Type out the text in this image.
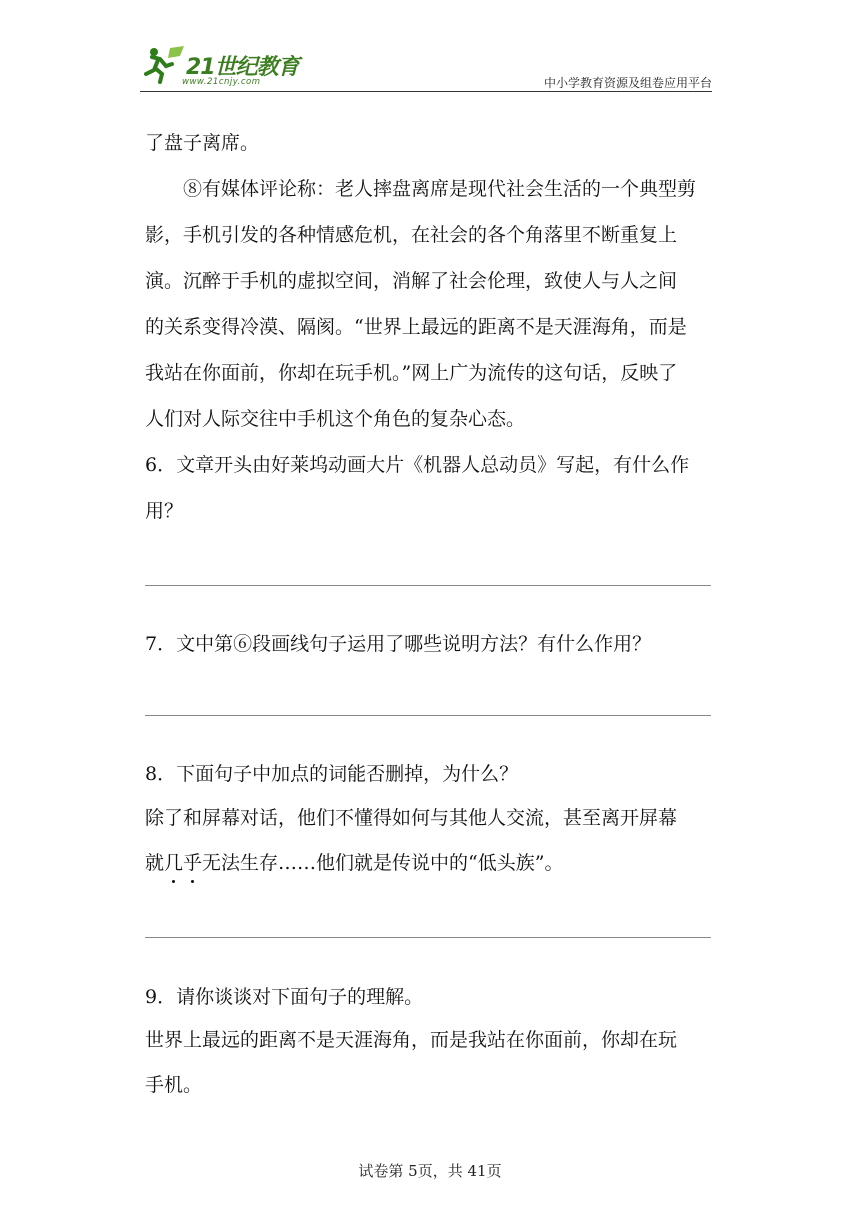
21世纪教育
www.21cnjy.com	中小学教育资源及组卷应用平台
了盘子离席。
⑧有媒体评论称：老人摔盘离席是现代社会生活的一个典型剪
影，手机引发的各种情感危机，在社会的各个角落里不断重复上
演。沉醉于手机的虚拟空间，消解了社会伦理，致使人与人之间
的关系变得冷漠、隔阂。“世界上最远的距离不是天涯海角，而是
我站在你面前，你却在玩手机。”网上广为流传的这句话，反映了
人们对人际交往中手机这个角色的复杂心态。
6．文章开头由好莱坞动画大片《机器人总动员》写起，有什么作
用？
7．文中第⑥段画线句子运用了哪些说明方法？有什么作用？
8．下面句子中加点的词能否删掉，为什么？
除了和屏幕对话，他们不懂得如何与其他人交流，甚至离开屏幕
就几乎无法生存……他们就是传说中的“低头族”。
9．请你谈谈对下面句子的理解。
世界上最远的距离不是天涯海角，而是我站在你面前，你却在玩
手机。
试卷第 5页，共 41页
